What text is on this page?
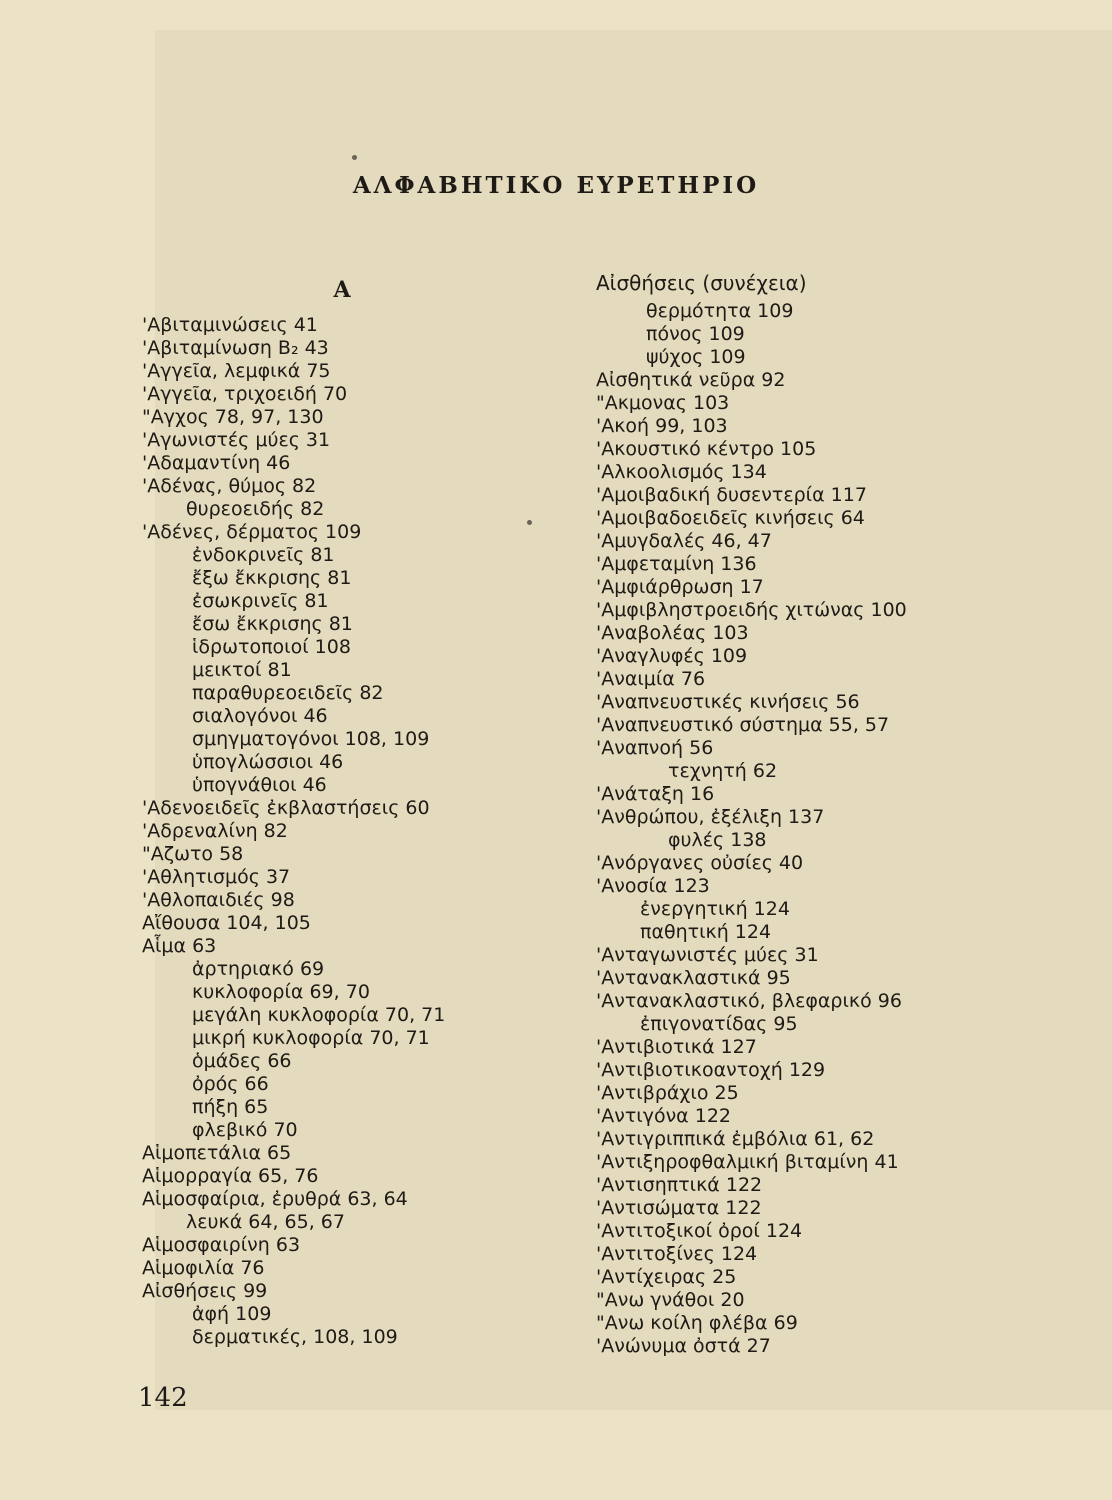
ΑΛΦΑΒΗΤΙΚΟ ΕΥΡΕΤΗΡΙΟ
Α
'Αβιταμινώσεις 41
'Αβιταμίνωση B₂ 43
'Αγγεῖα, λεμφικά 75
'Αγγεῖα, τριχοειδή 70
"Αγχος 78, 97, 130
'Αγωνιστές μύες 31
'Αδαμαντίνη 46
'Αδένας, θύμος 82
θυρεοειδής 82
'Αδένες, δέρματος 109
ἐνδοκρινεῖς 81
ἔξω ἔκκρισης 81
ἐσωκρινεῖς 81
ἔσω ἔκκρισης 81
ἱδρωτοποιοί 108
μεικτοί 81
παραθυρεοειδεῖς 82
σιαλογόνοι 46
σμηγματογόνοι 108, 109
ὑπογλώσσιοι 46
ὑπογνάθιοι 46
'Αδενοειδεῖς ἐκβλαστήσεις 60
'Αδρεναλίνη 82
"Αζωτο 58
'Αθλητισμός 37
'Αθλοπαιδιές 98
Αἴθουσα 104, 105
Αἷμα 63
ἀρτηριακό 69
κυκλοφορία 69, 70
μεγάλη κυκλοφορία 70, 71
μικρή κυκλοφορία 70, 71
ὁμάδες 66
ὀρός 66
πήξη 65
φλεβικό 70
Αἱμοπετάλια 65
Αἱμορραγία 65, 76
Αἱμοσφαίρια, ἐρυθρά 63, 64
λευκά 64, 65, 67
Αἱμοσφαιρίνη 63
Αἱμοφιλία 76
Αἰσθήσεις 99
ἀφή 109
δερματικές, 108, 109
Αἰσθήσεις (συνέχεια)
θερμότητα 109
πόνος 109
ψύχος 109
Αἰσθητικά νεῦρα 92
"Ακμονας 103
'Ακοή 99, 103
'Ακουστικό κέντρο 105
'Αλκοολισμός 134
'Αμοιβαδική δυσεντερία 117
'Αμοιβαδοειδεῖς κινήσεις 64
'Αμυγδαλές 46, 47
'Αμφεταμίνη 136
'Αμφιάρθρωση 17
'Αμφιβληστροειδής χιτώνας 100
'Αναβολέας 103
'Αναγλυφές 109
'Αναιμία 76
'Αναπνευστικές κινήσεις 56
'Αναπνευστικό σύστημα 55, 57
'Αναπνοή 56
τεχνητή 62
'Ανάταξη 16
'Ανθρώπου, ἐξέλιξη 137
φυλές 138
'Ανόργανες οὐσίες 40
'Ανοσία 123
ἐνεργητική 124
παθητική 124
'Ανταγωνιστές μύες 31
'Αντανακλαστικά 95
'Αντανακλαστικό, βλεφαρικό 96
ἐπιγονατίδας 95
'Αντιβιοτικά 127
'Αντιβιοτικοαντοχή 129
'Αντιβράχιο 25
'Αντιγόνα 122
'Αντιγριππικά ἐμβόλια 61, 62
'Αντιξηροφθαλμική βιταμίνη 41
'Αντισηπτικά 122
'Αντισώματα 122
'Αντιτοξικοί ὀροί 124
'Αντιτοξίνες 124
'Αντίχειρας 25
"Ανω γνάθοι 20
"Ανω κοίλη φλέβα 69
'Ανώνυμα ὀστά 27
142
